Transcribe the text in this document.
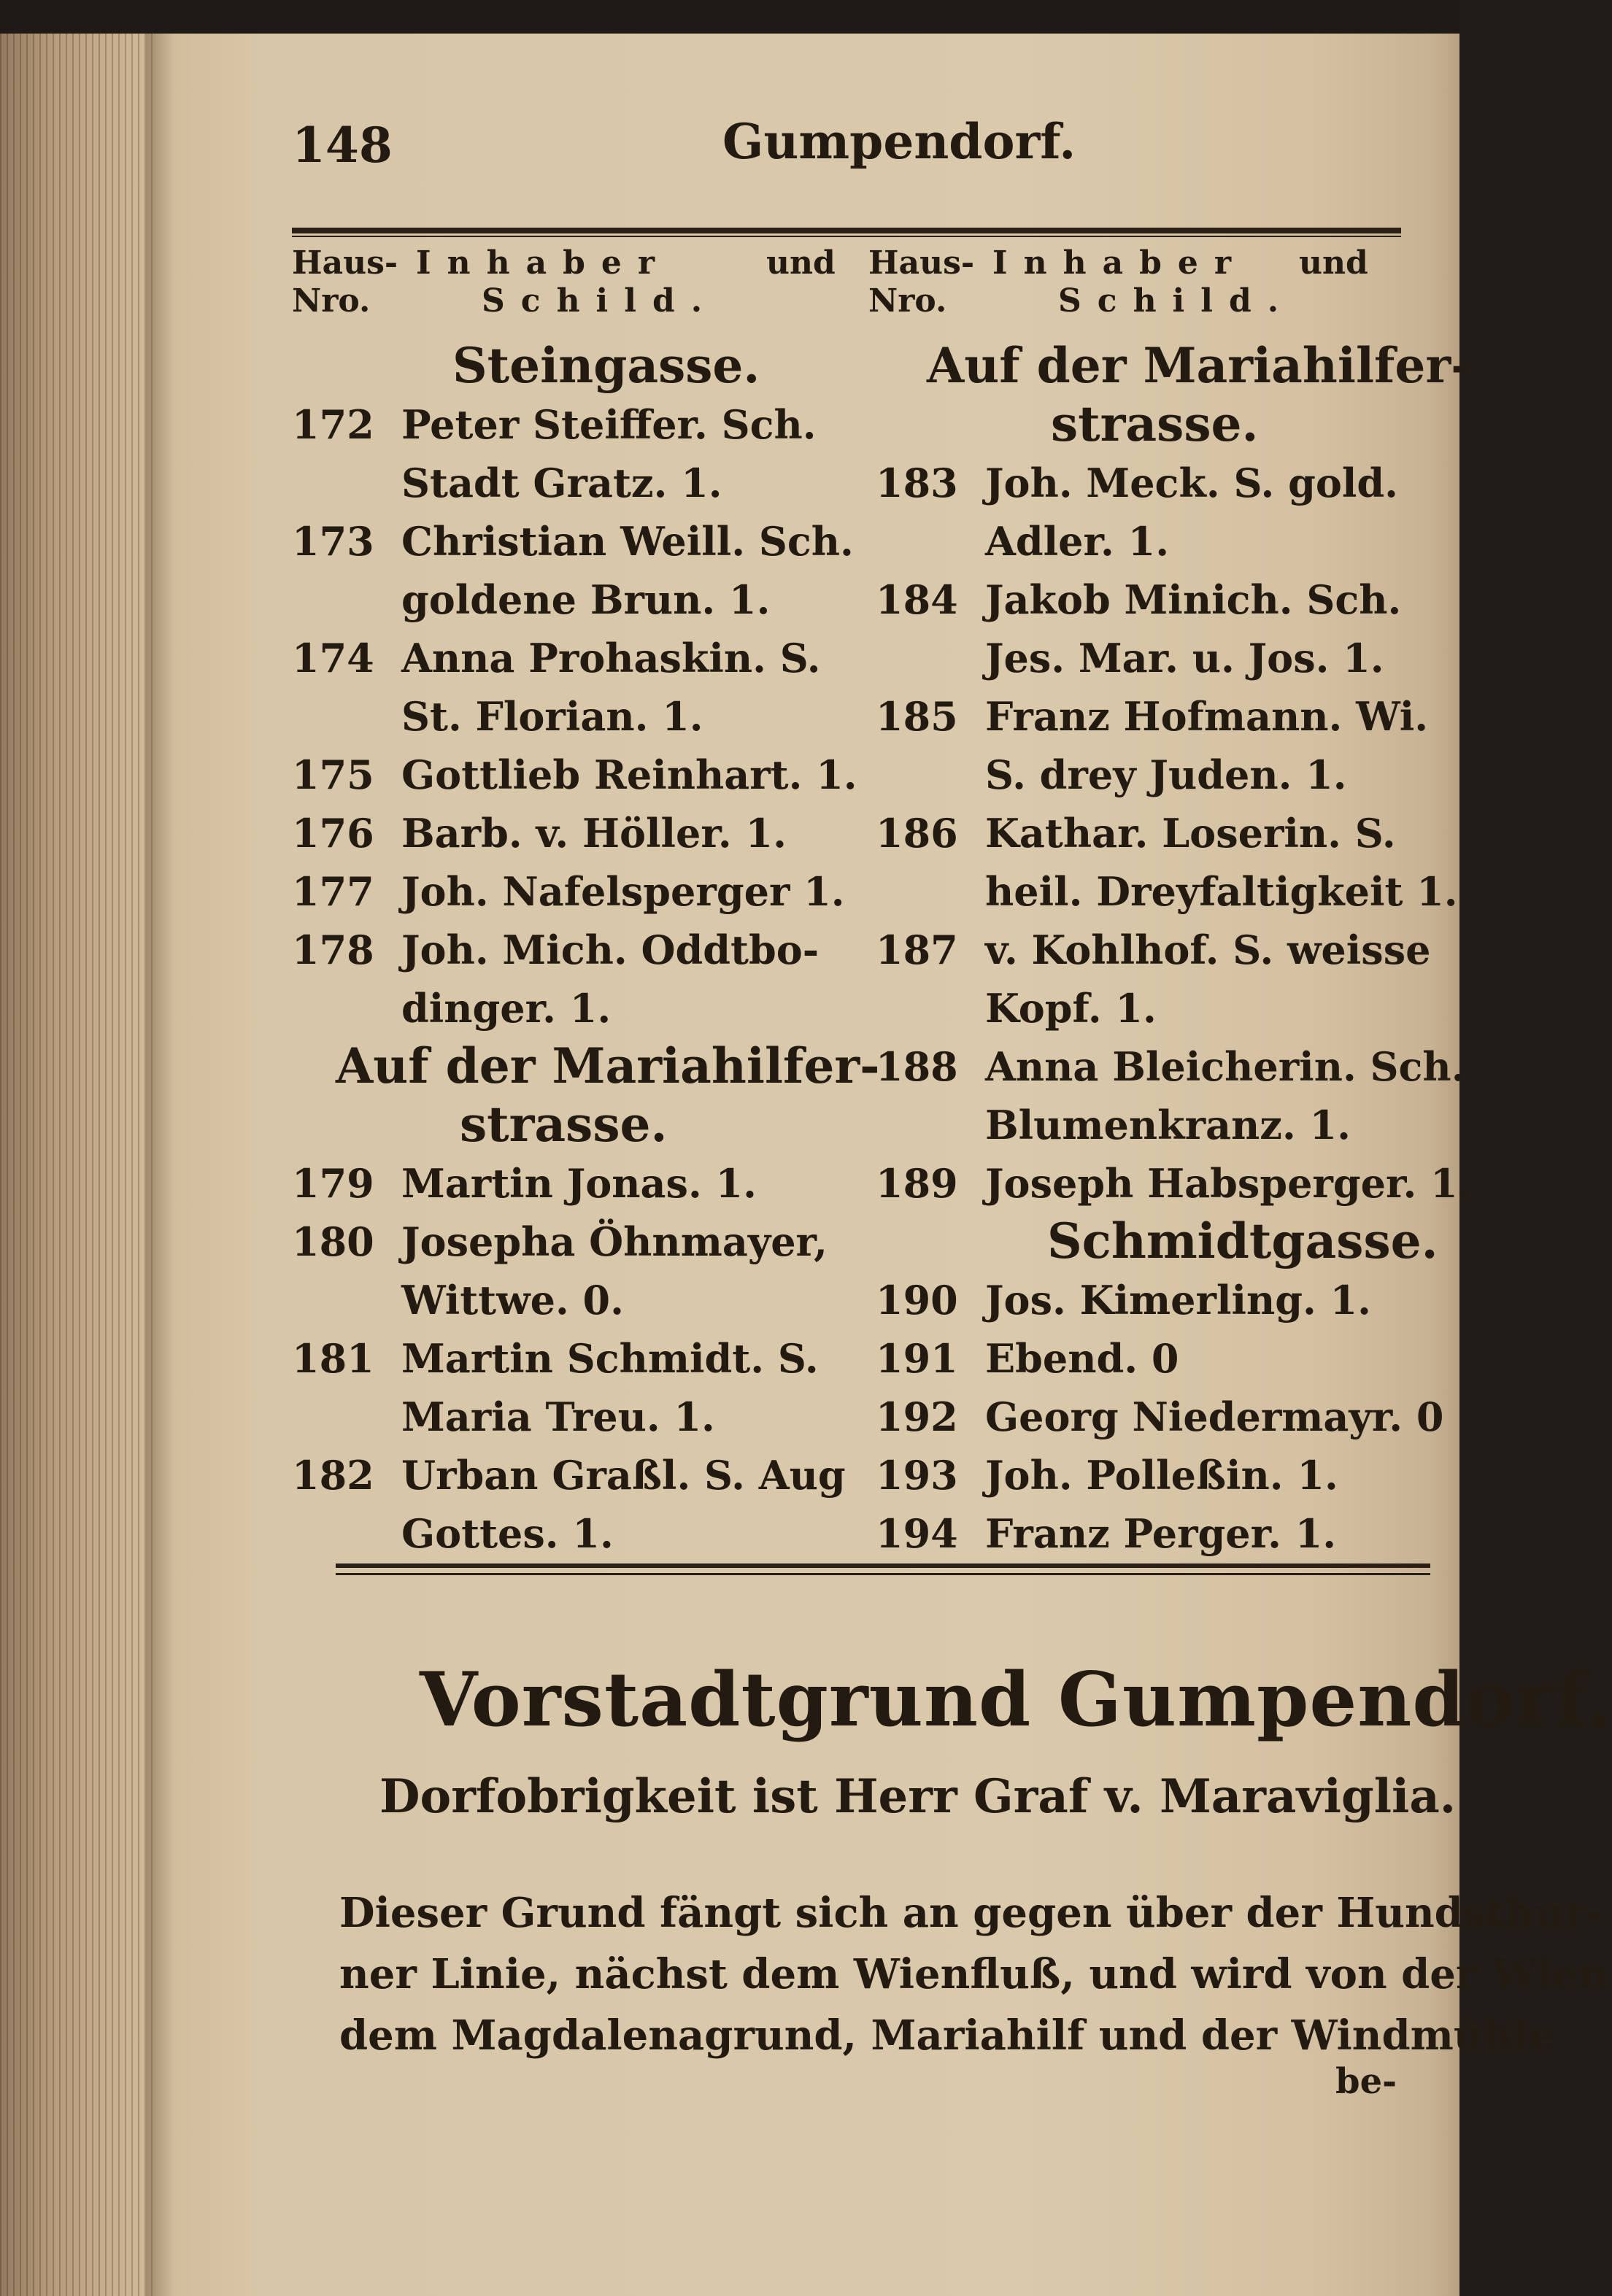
148	Gumpendorf.
Haus-
Nro.
Inhaber	und
Schild.
Haus-
Nro.
Inhaber und
Schild.
Steingasse.
172 Peter Steiffer. Sch.
Stadt Gratz. 1.
173 Christian Weill. Sch.
goldene Brun. 1.
174 Anna Prohaskin. S.
St. Florian. 1.
175 Gottlieb Reinhart. 1.
176 Barb. v. Höller. 1.
177 Joh. Nafelsperger 1.
178 Joh. Mich. Oddtbo-
dinger. 1.
Auf der Mariahilfer-
strasse.
179 Martin Jonas. 1.
180 Josepha Öhnmayer,
Wittwe. 0.
181 Martin Schmidt. S.
Maria Treu. 1.
182 Urban Graßl. S. Aug
Gottes. 1.
Auf der Mariahilfer-
strasse.
183 Joh. Meck. S. gold.
Adler. 1.
184 Jakob Minich. Sch.
Jes. Mar. u. Jos. 1.
185 Franz Hofmann. Wi.
S. drey Juden. 1.
186 Kathar. Loserin. S.
heil. Dreyfaltigkeit 1.
187 v. Kohlhof. S. weisse
Kopf. 1.
188 Anna Bleicherin. Sch.
Blumenkranz. 1.
189 Joseph Habsperger. 1.
Schmidtgasse.
190 Jos. Kimerling. 1.
191 Ebend. 0
192 Georg Niedermayr. 0
193 Joh. Polleßin. 1.
194 Franz Perger. 1.
Vorstadtgrund Gumpendorf.
Dorfobrigkeit ist Herr Graf v. Maraviglia.
Dieser Grund fängt sich an gegen über der Hundsthur-
ner Linie, nächst dem Wienfluß, und wird von der Wien
dem Magdalenagrund, Mariahilf und der Windmühle
be-
